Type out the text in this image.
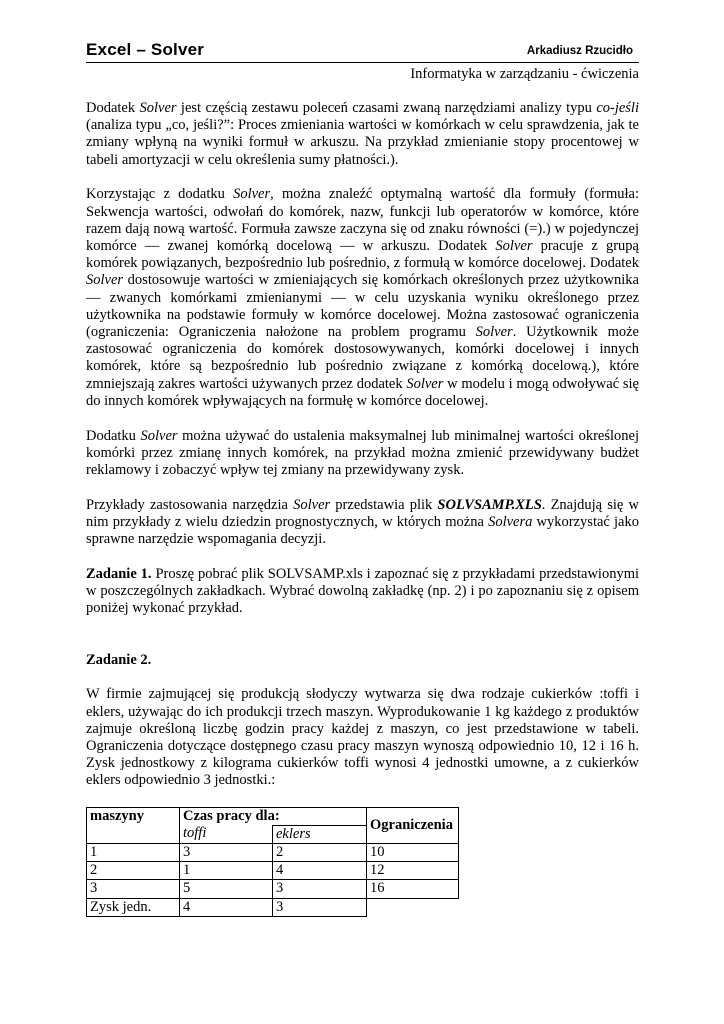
Excel – Solver	Arkadiusz Rzucidło
Informatyka w zarządzaniu - ćwiczenia

Dodatek Solver jest częścią zestawu poleceń czasami zwaną narzędziami analizy typu co-jeśli (analiza typu „co, jeśli?”: Proces zmieniania wartości w komórkach w celu sprawdzenia, jak te zmiany wpłyną na wyniki formuł w arkuszu. Na przykład zmienianie stopy procentowej w tabeli amortyzacji w celu określenia sumy płatności.).

Korzystając z dodatku Solver, można znaleźć optymalną wartość dla formuły (formuła: Sekwencja wartości, odwołań do komórek, nazw, funkcji lub operatorów w komórce, które razem dają nową wartość. Formuła zawsze zaczyna się od znaku równości (=).) w pojedynczej komórce — zwanej komórką docelową — w arkuszu. Dodatek Solver pracuje z grupą komórek powiązanych, bezpośrednio lub pośrednio, z formułą w komórce docelowej. Dodatek Solver dostosowuje wartości w zmieniających się komórkach określonych przez użytkownika — zwanych komórkami zmienianymi — w celu uzyskania wyniku określonego przez użytkownika na podstawie formuły w komórce docelowej. Można zastosować ograniczenia (ograniczenia: Ograniczenia nałożone na problem programu Solver. Użytkownik może zastosować ograniczenia do komórek dostosowywanych, komórki docelowej i innych komórek, które są bezpośrednio lub pośrednio związane z komórką docelową.), które zmniejszają zakres wartości używanych przez dodatek Solver w modelu i mogą odwoływać się do innych komórek wpływających na formułę w komórce docelowej.

Dodatku Solver można używać do ustalenia maksymalnej lub minimalnej wartości określonej komórki przez zmianę innych komórek, na przykład można zmienić przewidywany budżet reklamowy i zobaczyć wpływ tej zmiany na przewidywany zysk.

Przykłady zastosowania narzędzia Solver przedstawia plik SOLVSAMP.XLS. Znajdują się w nim przykłady z wielu dziedzin prognostycznych, w których można Solvera wykorzystać jako sprawne narzędzie wspomagania decyzji.

Zadanie 1. Proszę pobrać plik SOLVSAMP.xls i zapoznać się z przykładami przedstawionymi w poszczególnych zakładkach. Wybrać dowolną zakładkę (np. 2) i po zapoznaniu się z opisem poniżej wykonać przykład.

Zadanie 2.

W firmie zajmującej się produkcją słodyczy wytwarza się dwa rodzaje cukierków :toffi i eklers, używając do ich produkcji trzech maszyn. Wyprodukowanie 1 kg każdego z produktów zajmuje określoną liczbę godzin pracy każdej z maszyn, co jest przedstawione w tabeli. Ograniczenia dotyczące dostępnego czasu pracy maszyn wynoszą odpowiednio 10, 12 i 16 h. Zysk jednostkowy z kilograma cukierków toffi wynosi 4 jednostki umowne, a z cukierków eklers odpowiednio 3 jednostki.:

maszyny	Czas pracy dla:		Ograniczenia
	toffi	eklers	
1	3	2	10
2	1	4	12
3	5	3	16
Zysk jedn.	4	3	
